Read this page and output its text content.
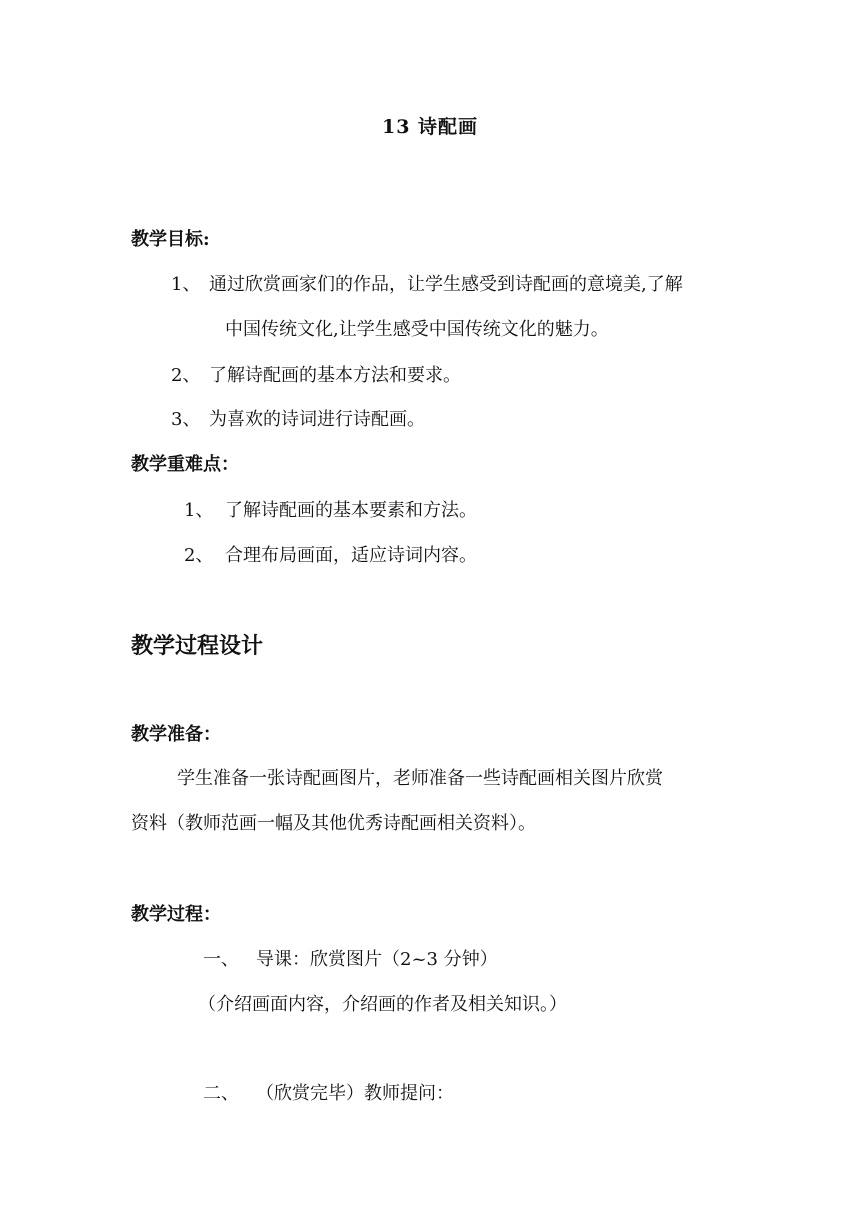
13 诗配画
教学目标:
1、 通过欣赏画家们的作品，让学生感受到诗配画的意境美,了解
中国传统文化,让学生感受中国传统文化的魅力。
2、 了解诗配画的基本方法和要求。
3、 为喜欢的诗词进行诗配画。
教学重难点：
1、 了解诗配画的基本要素和方法。
2、 合理布局画面，适应诗词内容。
教学过程设计
教学准备：
学生准备一张诗配画图片，老师准备一些诗配画相关图片欣赏
资料（教师范画一幅及其他优秀诗配画相关资料）。
教学过程：
一、 导课：欣赏图片（2~3 分钟）
（介绍画面内容，介绍画的作者及相关知识。）
二、 （欣赏完毕）教师提问：
